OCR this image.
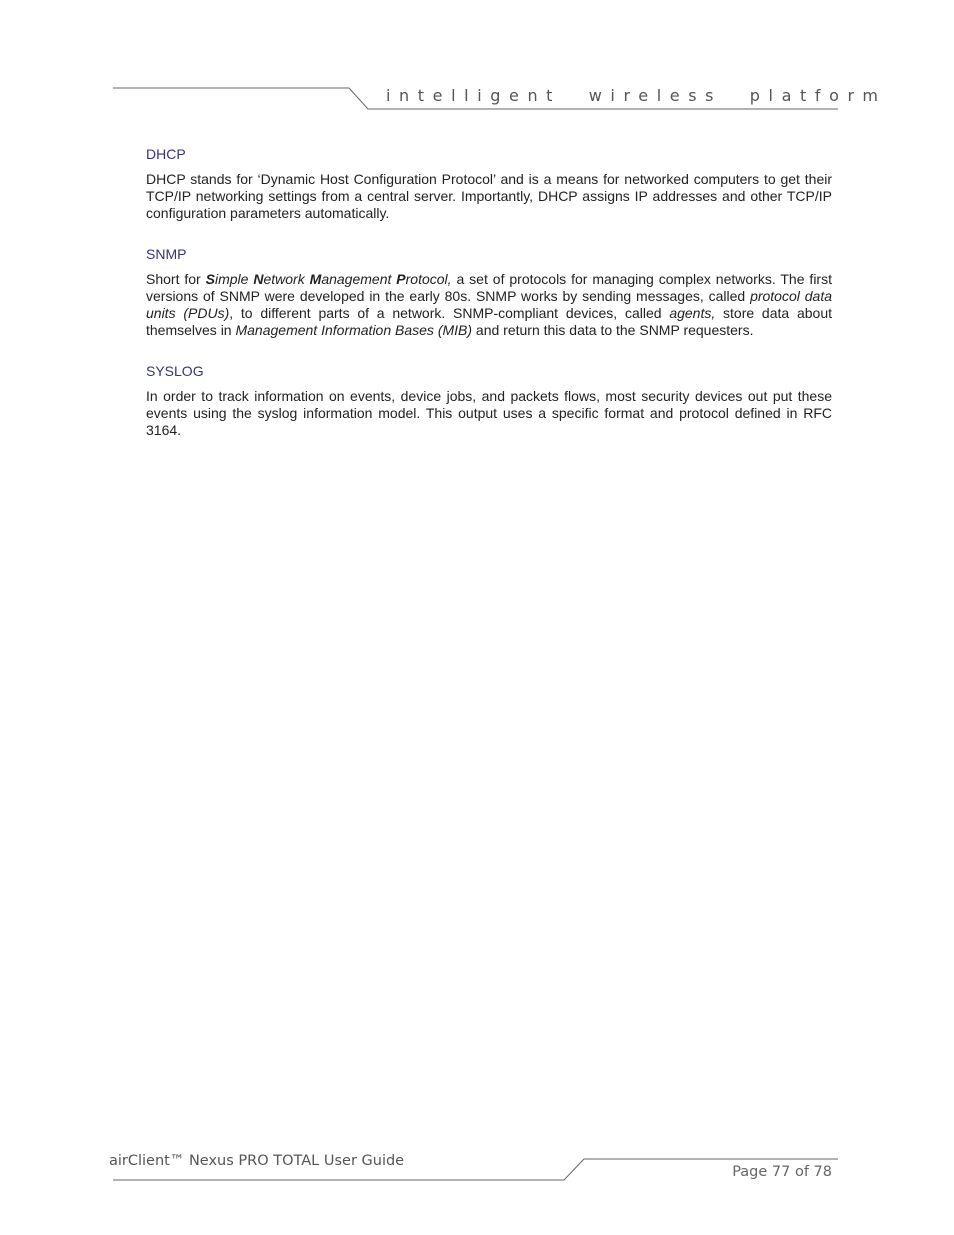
intelligent wireless platform
DHCP

DHCP stands for ‘Dynamic Host Configuration Protocol’ and is a means for networked computers to get their TCP/IP networking settings from a central server. Importantly, DHCP assigns IP addresses and other TCP/IP configuration parameters automatically.

SNMP

Short for Simple Network Management Protocol, a set of protocols for managing complex networks. The first versions of SNMP were developed in the early 80s. SNMP works by sending messages, called protocol data units (PDUs), to different parts of a network. SNMP-compliant devices, called agents, store data about themselves in Management Information Bases (MIB) and return this data to the SNMP requesters.

SYSLOG

In order to track information on events, device jobs, and packets flows, most security devices out put these events using the syslog information model. This output uses a specific format and protocol defined in RFC 3164.

airClient™ Nexus PRO TOTAL User Guide
Page 77 of 78
